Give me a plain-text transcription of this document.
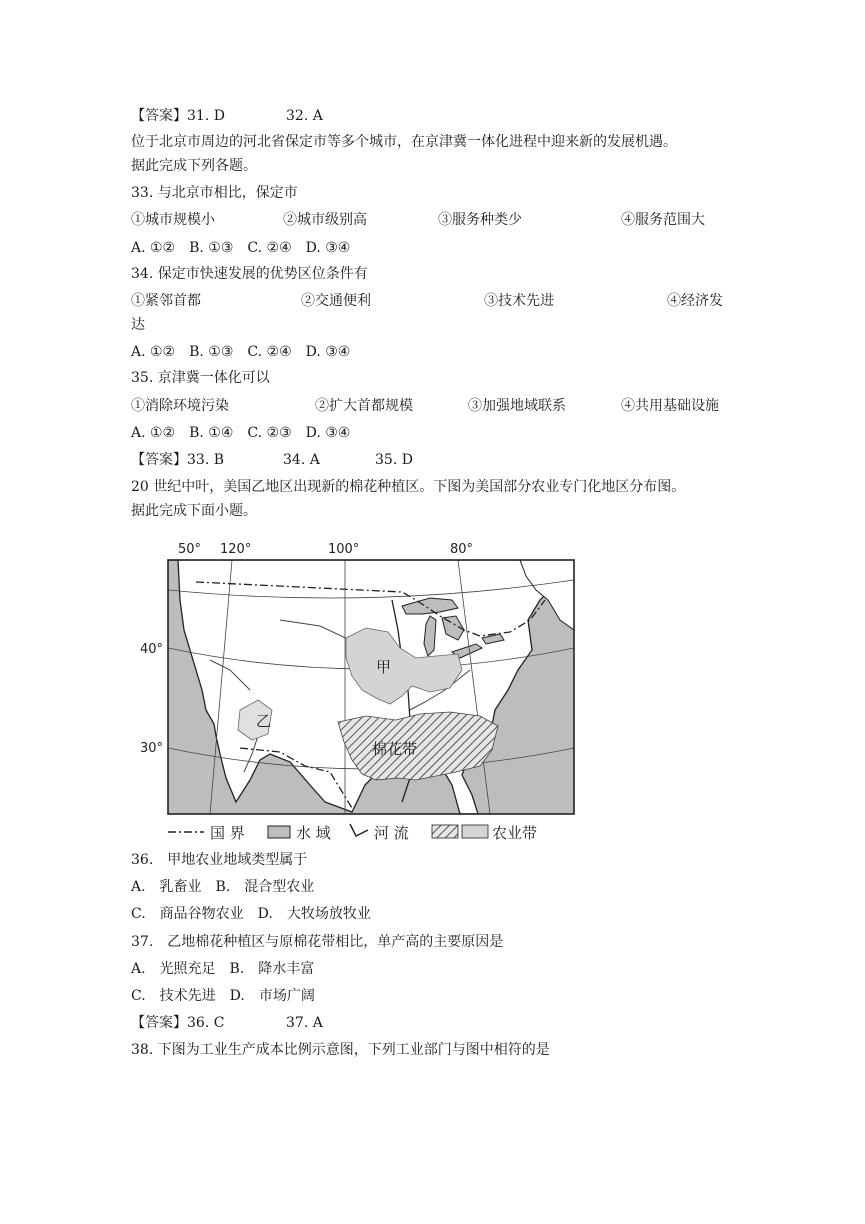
【答案】31. D	32. A
位于北京市周边的河北省保定市等多个城市，在京津冀一体化进程中迎来新的发展机遇。
据此完成下列各题。
33. 与北京市相比，保定市
①城市规模小	②城市级别高	③服务种类少	④服务范围大
A. ①②　B. ①③　C. ②④　D. ③④
34. 保定市快速发展的优势区位条件有
①紧邻首都	②交通便利	③技术先进	④经济发
达
A. ①②　B. ①③　C. ②④　D. ③④
35. 京津冀一体化可以
①消除环境污染	②扩大首都规模	③加强地域联系	④共用基础设施
A. ①②　B. ①④　C. ②③　D. ③④
【答案】33. B	34. A	35. D
20 世纪中叶，美国乙地区出现新的棉花种植区。下图为美国部分农业专门化地区分布图。
据此完成下面小题。
50° 120°	100°	80°
40°
30°
甲
乙
棉花带
国 界	水 域	河 流	农业带
36.　甲地农业地域类型属于
A.　乳畜业　B.　混合型农业
C.　商品谷物农业　D.　大牧场放牧业
37.　乙地棉花种植区与原棉花带相比，单产高的主要原因是
A.　光照充足　B.　降水丰富
C.　技术先进　D.　市场广阔
【答案】36. C	37. A
38. 下图为工业生产成本比例示意图，下列工业部门与图中相符的是
